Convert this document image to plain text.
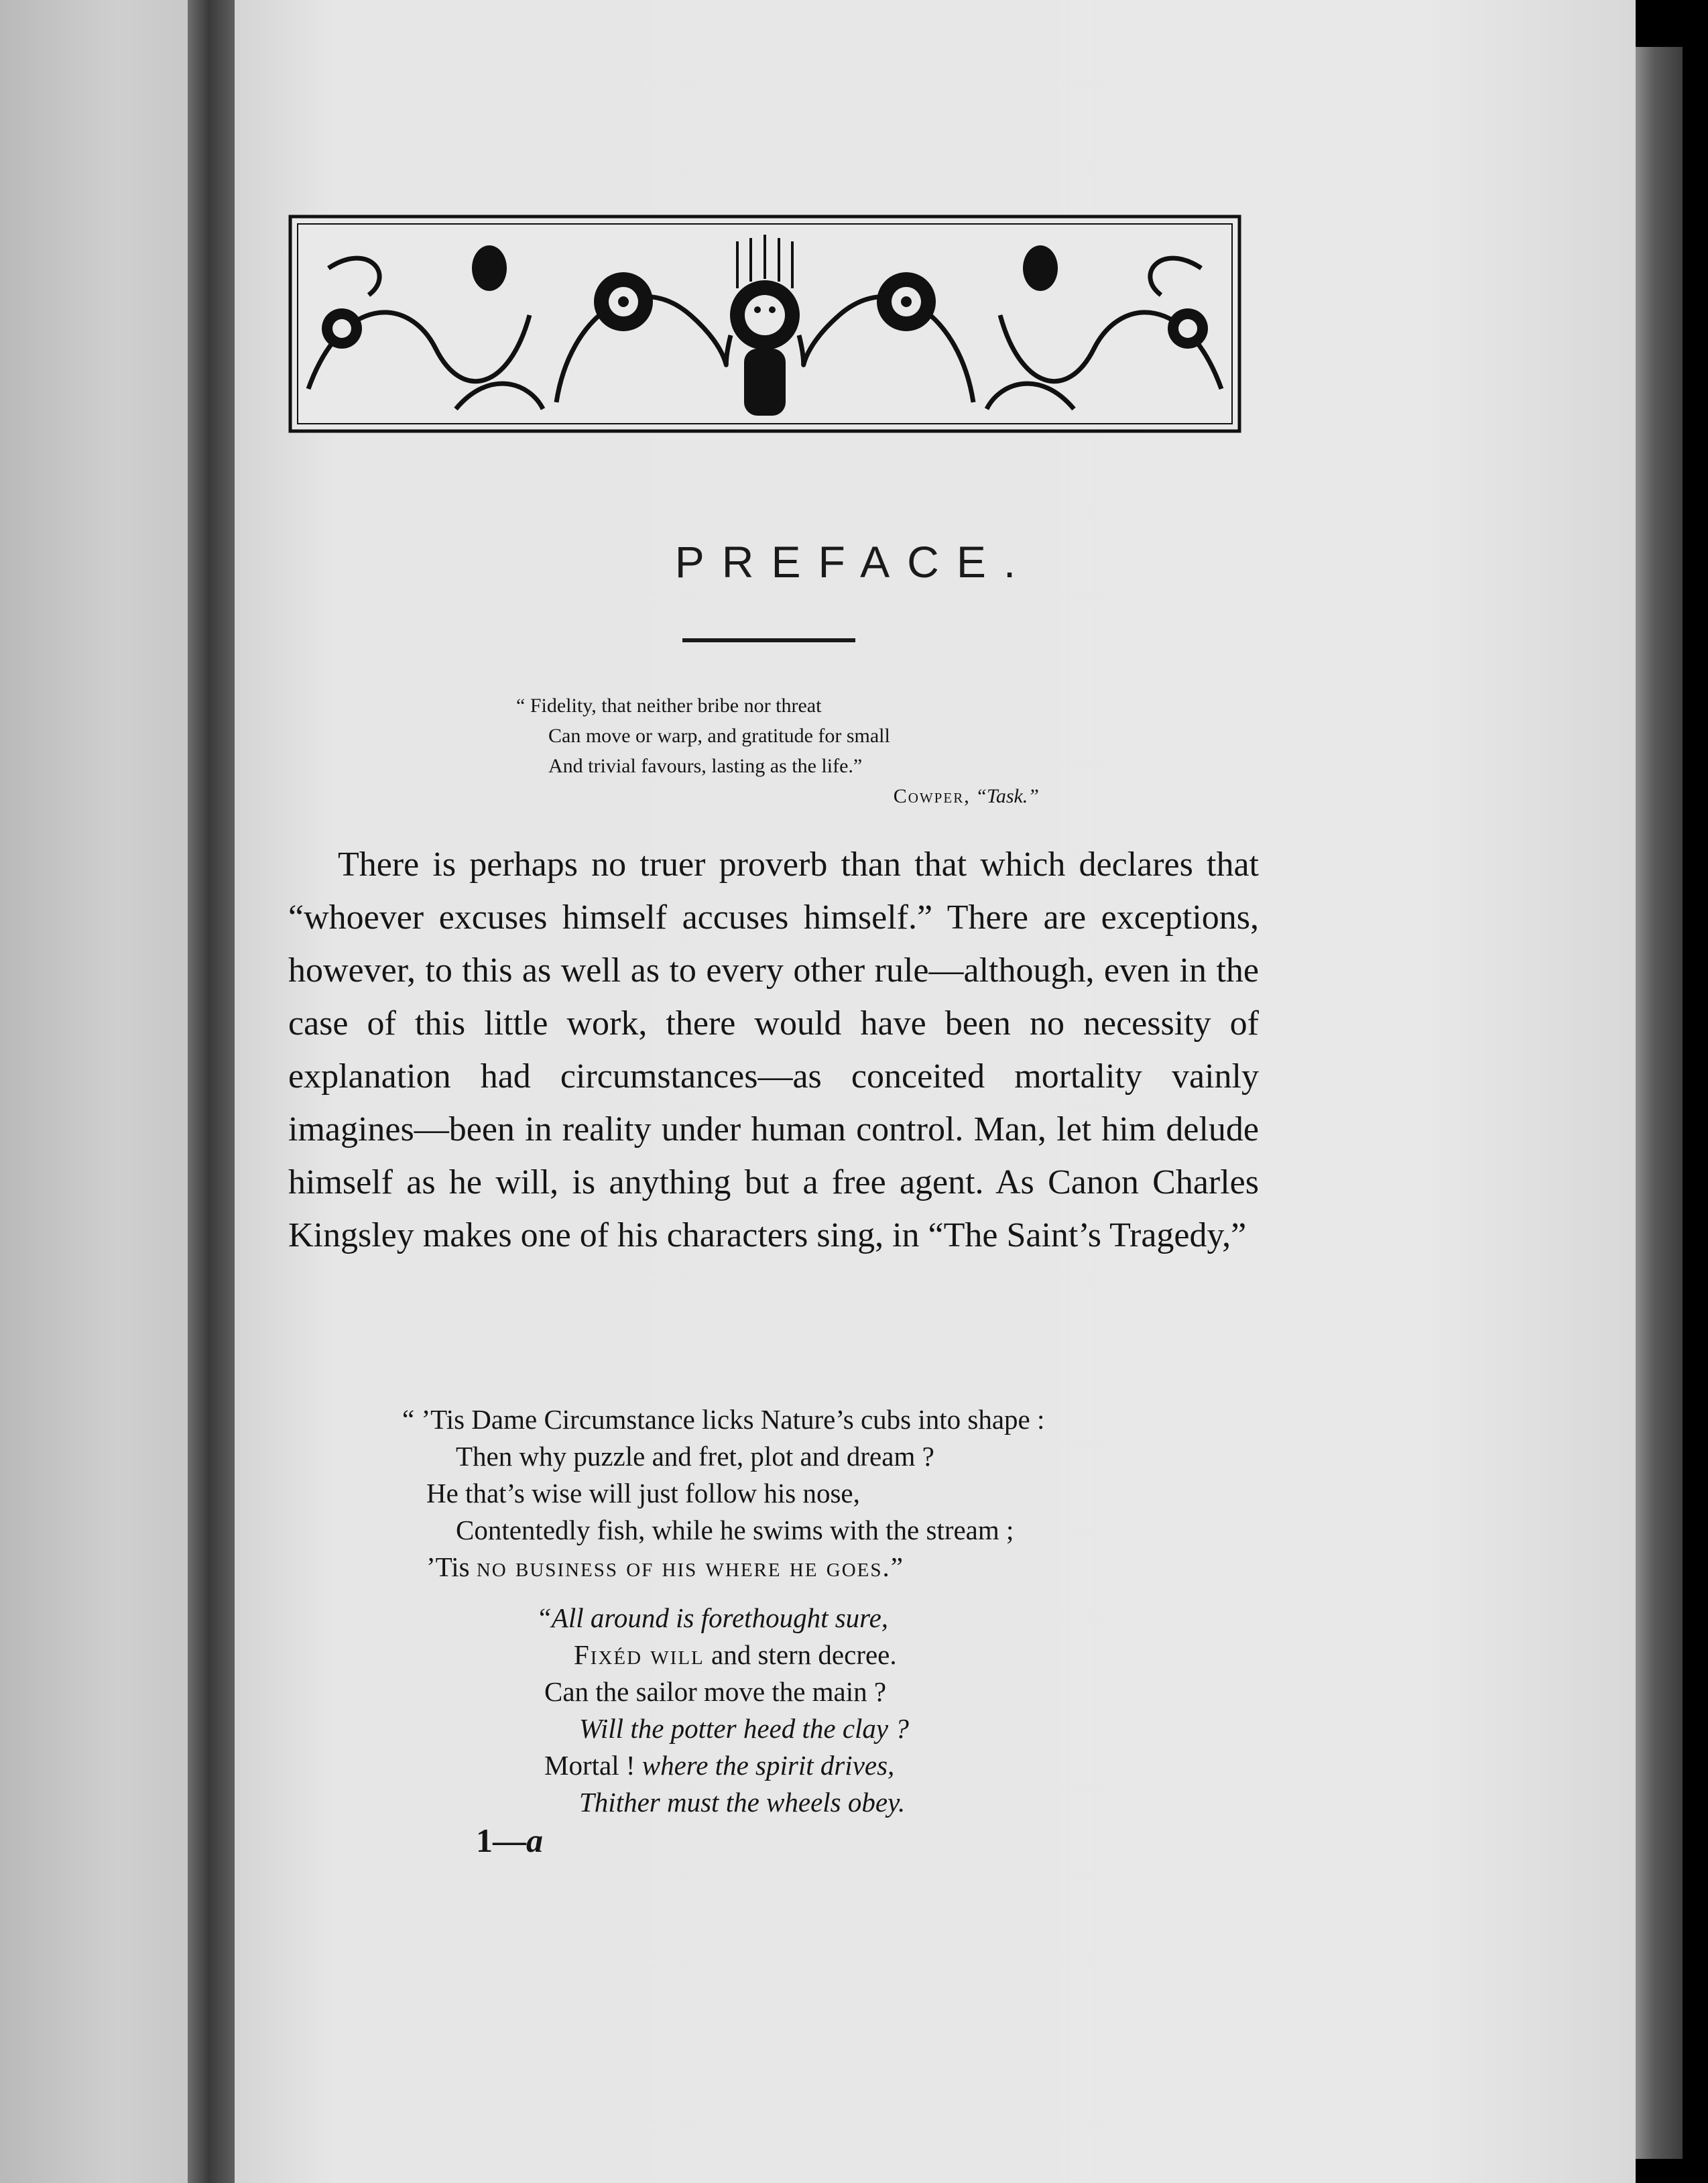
PREFACE.
“ Fidelity, that neither bribe nor threat
Can move or warp, and gratitude for small
And trivial favours, lasting as the life.”
Cowper, “Task.”

There is perhaps no truer proverb than that which declares that “whoever excuses himself accuses himself.” There are exceptions, however, to this as well as to every other rule—although, even in the case of this little work, there would have been no necessity of explanation had circumstances—as conceited mortality vainly imagines—been in reality under human control. Man, let him delude himself as he will, is anything but a free agent. As Canon Charles Kingsley makes one of his characters sing, in “The Saint’s Tragedy,”

“ ’Tis Dame Circumstance licks Nature’s cubs into shape :
Then why puzzle and fret, plot and dream ?
He that’s wise will just follow his nose,
Contentedly fish, while he swims with the stream ;
’Tis no business of his where he goes.”
“All around is forethought sure,
Fixéd will and stern decree.
Can the sailor move the main ?
Will the potter heed the clay ?
Mortal ! where the spirit drives,
Thither must the wheels obey.
1—a
